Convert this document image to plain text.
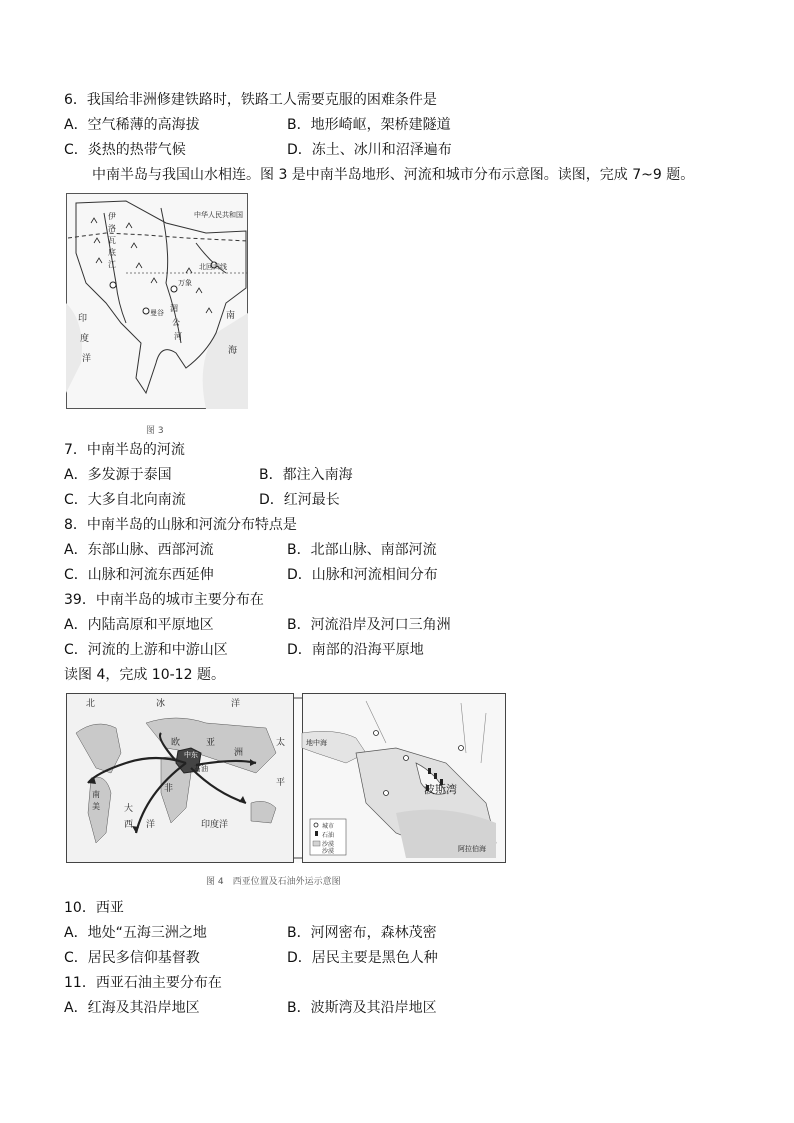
6．我国给非洲修建铁路时，铁路工人需要克服的困难条件是
A．空气稀薄的高海拔	B．地形崎岖，架桥建隧道
C．炎热的热带气候	D．冻土、冰川和沼泽遍布
中南半岛与我国山水相连。图 3 是中南半岛地形、河流和城市分布示意图。读图，完成 7~9 题。
中华人民共和国
北回归线
曼谷
万象
南
海
印
度
洋
湄
公
河
伊
洛
瓦
底
江
图 3
7．中南半岛的河流
A．多发源于泰国	B．都注入南海
C．大多自北向南流	D．红河最长
8．中南半岛的山脉和河流分布特点是
A．东部山脉、西部河流	B．北部山脉、南部河流
C．山脉和河流东西延伸	D．山脉和河流相间分布
39．中南半岛的城市主要分布在
A．内陆高原和平原地区	B．河流沿岸及河口三角洲
C．河流的上游和中游山区	D．南部的沿海平原地
读图 4，完成 10-12 题。
北	冰	洋
欧	亚
非
洲
中东
石油
太
平
南
美	大
西 洋	印度洋
地中海
波斯湾
阿拉伯海
城市
石油
沙漠
沙漠
图 4　西亚位置及石油外运示意图
10．西亚
A．地处“五海三洲之地	B．河网密布，森林茂密
C．居民多信仰基督教	D．居民主要是黑色人种
11．西亚石油主要分布在
A．红海及其沿岸地区	B．波斯湾及其沿岸地区
